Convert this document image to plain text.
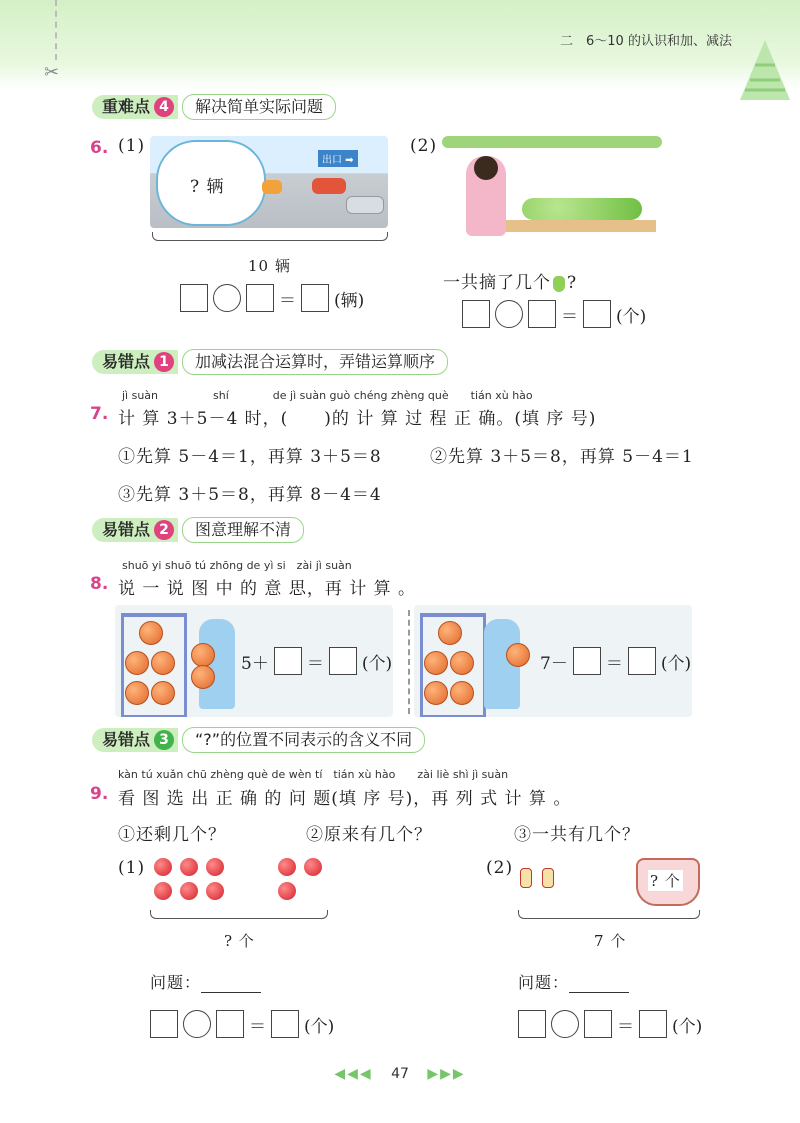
✂
二　6～10 的认识和加、减法
重难点 4	解决简单实际问题
6. (1)
? 辆
出口 ➡
10 辆
＝ (辆)
(2)
一共摘了几个 ?
＝ (个)
易错点 1	加减法混合运算时，弄错运算顺序
jì suàn　　　　　shí　　　　de jì suàn guò chéng zhèng què　　tián xù hào
7. 计 算 3＋5－4 时，(　　)的 计 算 过 程 正 确。(填 序 号)
①先算 5－4＝1，再算 3＋5＝8	②先算 3＋5＝8，再算 5－4＝1
③先算 3＋5＝8，再算 8－4＝4
易错点 2	图意理解不清
shuō yi shuō tú zhōng de yì si　zài jì suàn
8. 说 一 说 图 中 的 意 思，再 计 算 。
5＋ ＝ (个)	7－ ＝ (个)
易错点 3	“?”的位置不同表示的含义不同
kàn tú xuǎn chū zhèng què de wèn tí　tián xù hào　　zài liè shì jì suàn
9. 看 图 选 出 正 确 的 问 题(填 序 号)，再 列 式 计 算 。
①还剩几个？	②原来有几个？	③一共有几个？
(1)
? 个
问题：
＝ (个)
(2)
? 个
7 个
问题：
＝ (个)
◀◀◀ 47 ▶▶▶
